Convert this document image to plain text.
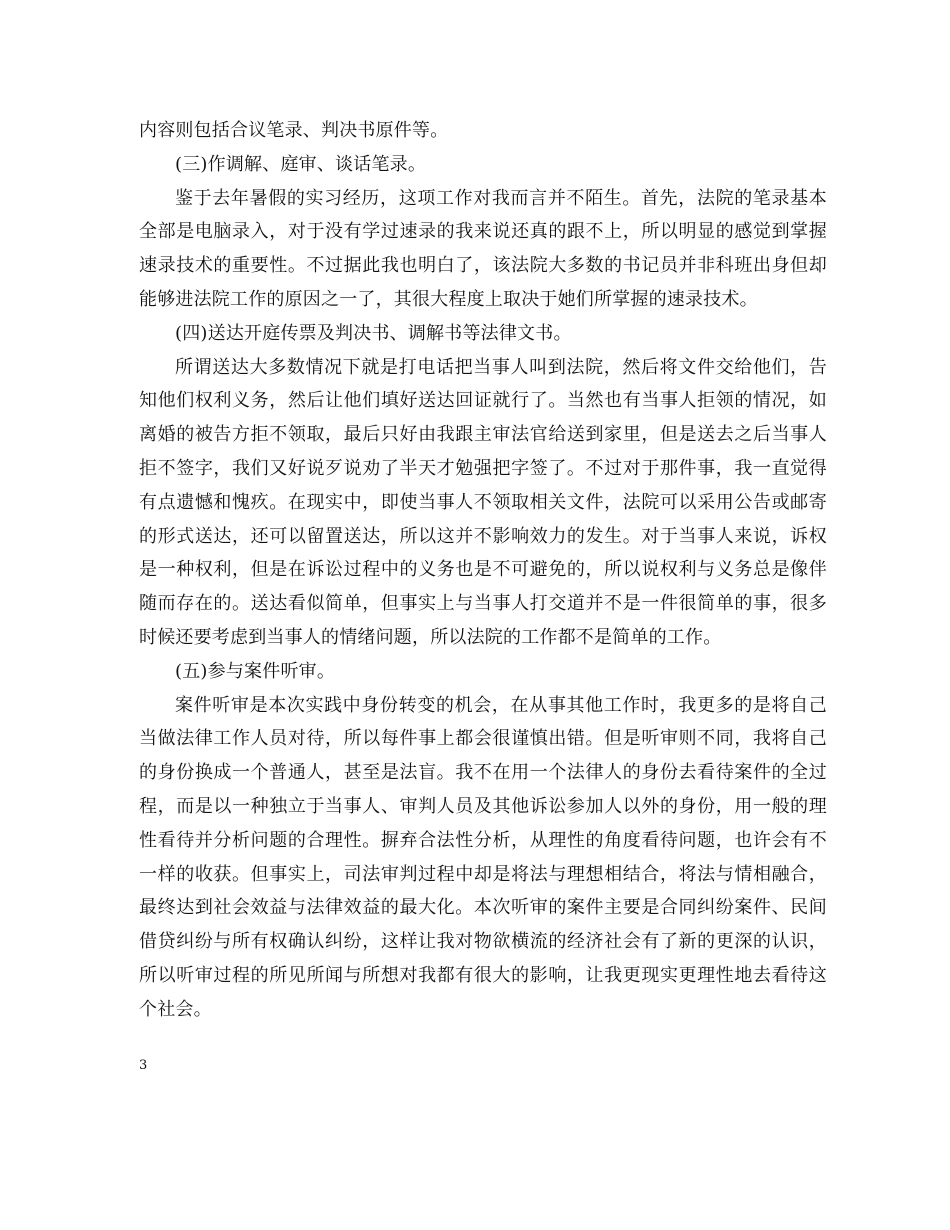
内容则包括合议笔录、判决书原件等。

(三)作调解、庭审、谈话笔录。

鉴于去年暑假的实习经历，这项工作对我而言并不陌生。首先，法院的笔录基本全部是电脑录入，对于没有学过速录的我来说还真的跟不上，所以明显的感觉到掌握速录技术的重要性。不过据此我也明白了，该法院大多数的书记员并非科班出身但却能够进法院工作的原因之一了，其很大程度上取决于她们所掌握的速录技术。

(四)送达开庭传票及判决书、调解书等法律文书。

所谓送达大多数情况下就是打电话把当事人叫到法院，然后将文件交给他们，告知他们权利义务，然后让他们填好送达回证就行了。当然也有当事人拒领的情况，如离婚的被告方拒不领取，最后只好由我跟主审法官给送到家里，但是送去之后当事人拒不签字，我们又好说歹说劝了半天才勉强把字签了。不过对于那件事，我一直觉得有点遗憾和愧疚。在现实中，即使当事人不领取相关文件，法院可以采用公告或邮寄的形式送达，还可以留置送达，所以这并不影响效力的发生。对于当事人来说，诉权是一种权利，但是在诉讼过程中的义务也是不可避免的，所以说权利与义务总是像伴随而存在的。送达看似简单，但事实上与当事人打交道并不是一件很简单的事，很多时候还要考虑到当事人的情绪问题，所以法院的工作都不是简单的工作。

(五)参与案件听审。

案件听审是本次实践中身份转变的机会，在从事其他工作时，我更多的是将自己当做法律工作人员对待，所以每件事上都会很谨慎出错。但是听审则不同，我将自己的身份换成一个普通人，甚至是法盲。我不在用一个法律人的身份去看待案件的全过程，而是以一种独立于当事人、审判人员及其他诉讼参加人以外的身份，用一般的理性看待并分析问题的合理性。摒弃合法性分析，从理性的角度看待问题，也许会有不一样的收获。但事实上，司法审判过程中却是将法与理想相结合，将法与情相融合，最终达到社会效益与法律效益的最大化。本次听审的案件主要是合同纠纷案件、民间借贷纠纷与所有权确认纠纷，这样让我对物欲横流的经济社会有了新的更深的认识，所以听审过程的所见所闻与所想对我都有很大的影响，让我更现实更理性地去看待这个社会。

3
